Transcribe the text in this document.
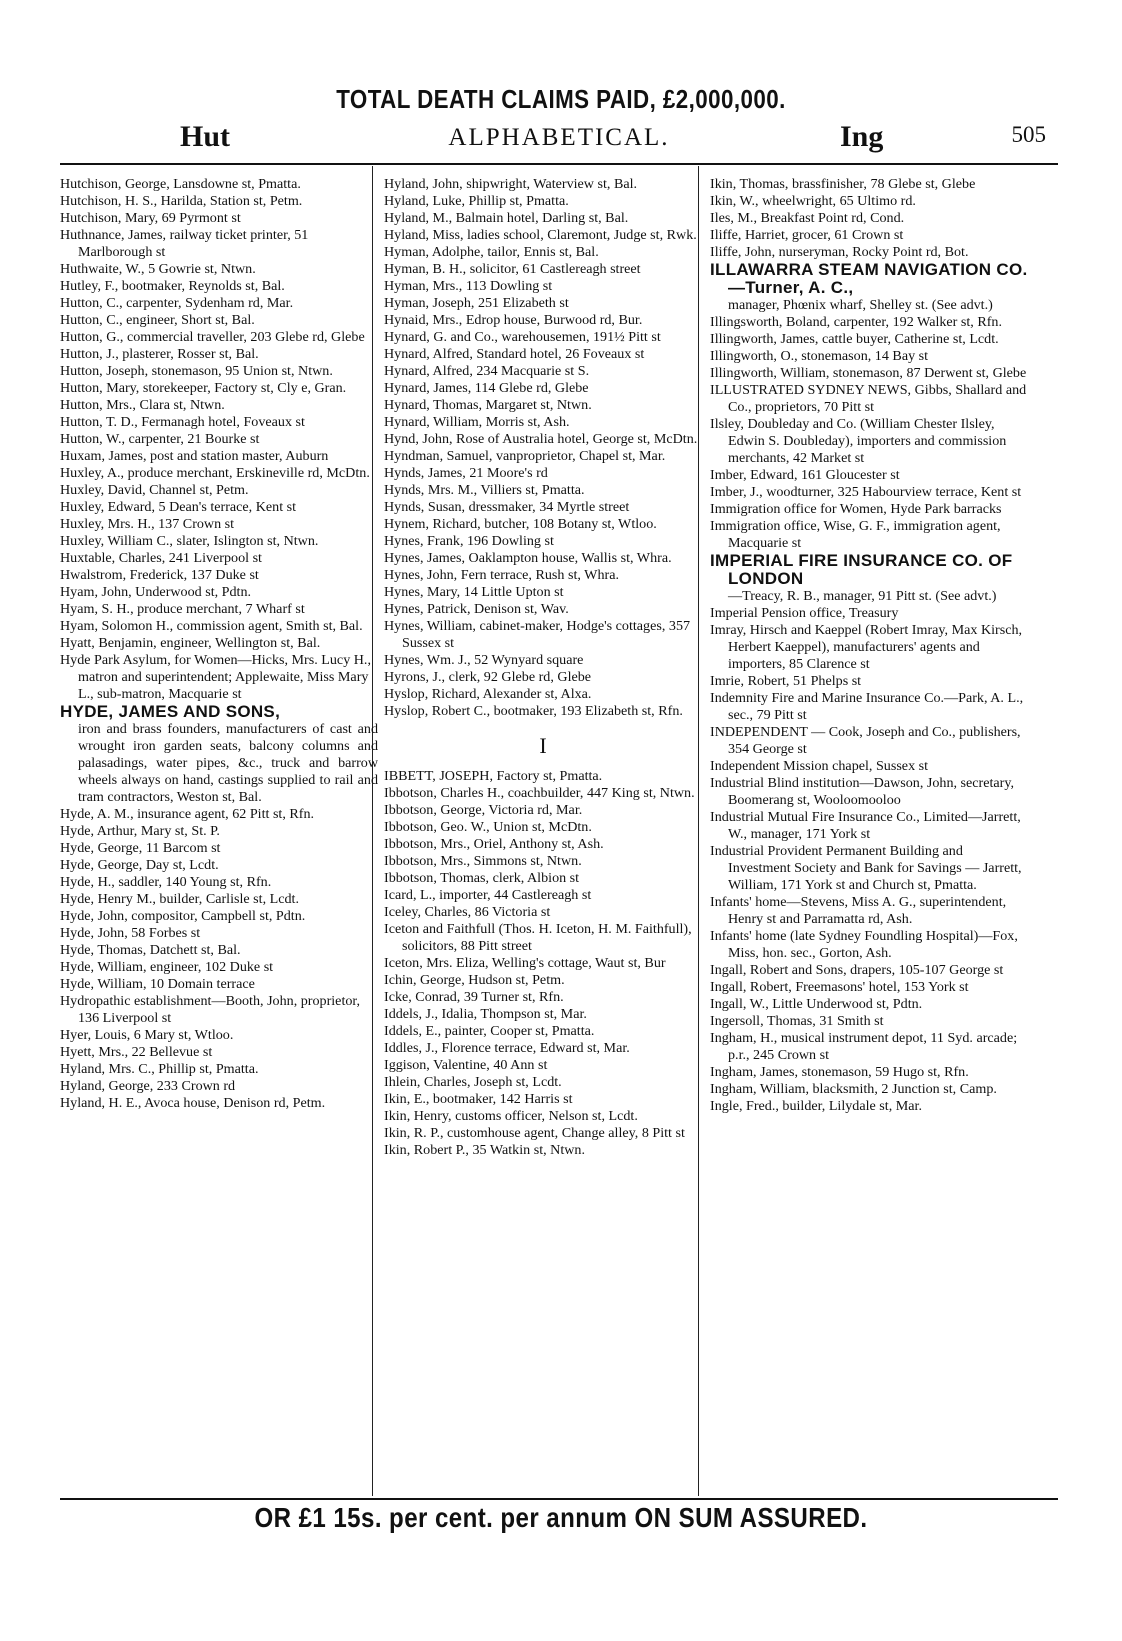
TOTAL DEATH CLAIMS PAID, £2,000,000.
Hut	ALPHABETICAL.	Ing	505
Hutchison, George, Lansdowne st, Pmatta.
Hutchison, H. S., Harilda, Station st, Petm.
Hutchison, Mary, 69 Pyrmont st
Huthnance, James, railway ticket printer, 51 Marlborough st
Huthwaite, W., 5 Gowrie st, Ntwn.
Hutley, F., bootmaker, Reynolds st, Bal.
Hutton, C., carpenter, Sydenham rd, Mar.
Hutton, C., engineer, Short st, Bal.
Hutton, G., commercial traveller, 203 Glebe rd, Glebe
Hutton, J., plasterer, Rosser st, Bal.
Hutton, Joseph, stonemason, 95 Union st, Ntwn.
Hutton, Mary, storekeeper, Factory st, Cly e, Gran.
Hutton, Mrs., Clara st, Ntwn.
Hutton, T. D., Fermanagh hotel, Foveaux st
Hutton, W., carpenter, 21 Bourke st
Huxam, James, post and station master, Auburn
Huxley, A., produce merchant, Erskineville rd, McDtn.
Huxley, David, Channel st, Petm.
Huxley, Edward, 5 Dean's terrace, Kent st
Huxley, Mrs. H., 137 Crown st
Huxley, William C., slater, Islington st, Ntwn.
Huxtable, Charles, 241 Liverpool st
Hwalstrom, Frederick, 137 Duke st
Hyam, John, Underwood st, Pdtn.
Hyam, S. H., produce merchant, 7 Wharf st
Hyam, Solomon H., commission agent, Smith st, Bal.
Hyatt, Benjamin, engineer, Wellington st, Bal.
Hyde Park Asylum, for Women—Hicks, Mrs. Lucy H., matron and superintendent; Applewaite, Miss Mary L., sub-matron, Macquarie st
HYDE, JAMES AND SONS,
iron and brass founders, manufacturers of cast and wrought iron garden seats, balcony columns and palasadings, water pipes, &c., truck and barrow wheels always on hand, castings supplied to rail and tram contractors, Weston st, Bal.
Hyde, A. M., insurance agent, 62 Pitt st, Rfn.
Hyde, Arthur, Mary st, St. P.
Hyde, George, 11 Barcom st
Hyde, George, Day st, Lcdt.
Hyde, H., saddler, 140 Young st, Rfn.
Hyde, Henry M., builder, Carlisle st, Lcdt.
Hyde, John, compositor, Campbell st, Pdtn.
Hyde, John, 58 Forbes st
Hyde, Thomas, Datchett st, Bal.
Hyde, William, engineer, 102 Duke st
Hyde, William, 10 Domain terrace
Hydropathic establishment—Booth, John, proprietor, 136 Liverpool st
Hyer, Louis, 6 Mary st, Wtloo.
Hyett, Mrs., 22 Bellevue st
Hyland, Mrs. C., Phillip st, Pmatta.
Hyland, George, 233 Crown rd
Hyland, H. E., Avoca house, Denison rd, Petm.
Hyland, John, shipwright, Waterview st, Bal.
Hyland, Luke, Phillip st, Pmatta.
Hyland, M., Balmain hotel, Darling st, Bal.
Hyland, Miss, ladies school, Claremont, Judge st, Rwk.
Hyman, Adolphe, tailor, Ennis st, Bal.
Hyman, B. H., solicitor, 61 Castlereagh street
Hyman, Mrs., 113 Dowling st
Hyman, Joseph, 251 Elizabeth st
Hynaid, Mrs., Edrop house, Burwood rd, Bur.
Hynard, G. and Co., warehousemen, 191½ Pitt st
Hynard, Alfred, Standard hotel, 26 Foveaux st
Hynard, Alfred, 234 Macquarie st S.
Hynard, James, 114 Glebe rd, Glebe
Hynard, Thomas, Margaret st, Ntwn.
Hynard, William, Morris st, Ash.
Hynd, John, Rose of Australia hotel, George st, McDtn.
Hyndman, Samuel, vanproprietor, Chapel st, Mar.
Hynds, James, 21 Moore's rd
Hynds, Mrs. M., Villiers st, Pmatta.
Hynds, Susan, dressmaker, 34 Myrtle street
Hynem, Richard, butcher, 108 Botany st, Wtloo.
Hynes, Frank, 196 Dowling st
Hynes, James, Oaklampton house, Wallis st, Whra.
Hynes, John, Fern terrace, Rush st, Whra.
Hynes, Mary, 14 Little Upton st
Hynes, Patrick, Denison st, Wav.
Hynes, William, cabinet-maker, Hodge's cottages, 357 Sussex st
Hynes, Wm. J., 52 Wynyard square
Hyrons, J., clerk, 92 Glebe rd, Glebe
Hyslop, Richard, Alexander st, Alxa.
Hyslop, Robert C., bootmaker, 193 Elizabeth st, Rfn.
I
IBBETT, JOSEPH, Factory st, Pmatta.
Ibbotson, Charles H., coachbuilder, 447 King st, Ntwn.
Ibbotson, George, Victoria rd, Mar.
Ibbotson, Geo. W., Union st, McDtn.
Ibbotson, Mrs., Oriel, Anthony st, Ash.
Ibbotson, Mrs., Simmons st, Ntwn.
Ibbotson, Thomas, clerk, Albion st
Icard, L., importer, 44 Castlereagh st
Iceley, Charles, 86 Victoria st
Iceton and Faithfull (Thos. H. Iceton, H. M. Faithfull), solicitors, 88 Pitt street
Iceton, Mrs. Eliza, Welling's cottage, Waut st, Bur
Ichin, George, Hudson st, Petm.
Icke, Conrad, 39 Turner st, Rfn.
Iddels, J., Idalia, Thompson st, Mar.
Iddels, E., painter, Cooper st, Pmatta.
Iddles, J., Florence terrace, Edward st, Mar.
Iggison, Valentine, 40 Ann st
Ihlein, Charles, Joseph st, Lcdt.
Ikin, E., bootmaker, 142 Harris st
Ikin, Henry, customs officer, Nelson st, Lcdt.
Ikin, R. P., customhouse agent, Change alley, 8 Pitt st
Ikin, Robert P., 35 Watkin st, Ntwn.
Ikin, Thomas, brassfinisher, 78 Glebe st, Glebe
Ikin, W., wheelwright, 65 Ultimo rd.
Iles, M., Breakfast Point rd, Cond.
Iliffe, Harriet, grocer, 61 Crown st
Iliffe, John, nurseryman, Rocky Point rd, Bot.
ILLAWARRA STEAM NAVIGATION CO.—Turner, A. C.,
manager, Phœnix wharf, Shelley st. (See advt.)
Illingsworth, Boland, carpenter, 192 Walker st, Rfn.
Illingworth, James, cattle buyer, Catherine st, Lcdt.
Illingworth, O., stonemason, 14 Bay st
Illingworth, William, stonemason, 87 Derwent st, Glebe
ILLUSTRATED SYDNEY NEWS, Gibbs, Shallard and Co., proprietors, 70 Pitt st
Ilsley, Doubleday and Co. (William Chester Ilsley, Edwin S. Doubleday), importers and commission merchants, 42 Market st
Imber, Edward, 161 Gloucester st
Imber, J., woodturner, 325 Habourview terrace, Kent st
Immigration office for Women, Hyde Park barracks
Immigration office, Wise, G. F., immigration agent, Macquarie st
IMPERIAL FIRE INSURANCE CO. OF LONDON
—Treacy, R. B., manager, 91 Pitt st. (See advt.)
Imperial Pension office, Treasury
Imray, Hirsch and Kaeppel (Robert Imray, Max Kirsch, Herbert Kaeppel), manufacturers' agents and importers, 85 Clarence st
Imrie, Robert, 51 Phelps st
Indemnity Fire and Marine Insurance Co.—Park, A. L., sec., 79 Pitt st
INDEPENDENT — Cook, Joseph and Co., publishers, 354 George st
Independent Mission chapel, Sussex st
Industrial Blind institution—Dawson, John, secretary, Boomerang st, Wooloomooloo
Industrial Mutual Fire Insurance Co., Limited—Jarrett, W., manager, 171 York st
Industrial Provident Permanent Building and Investment Society and Bank for Savings — Jarrett, William, 171 York st and Church st, Pmatta.
Infants' home—Stevens, Miss A. G., superintendent, Henry st and Parramatta rd, Ash.
Infants' home (late Sydney Foundling Hospital)—Fox, Miss, hon. sec., Gorton, Ash.
Ingall, Robert and Sons, drapers, 105-107 George st
Ingall, Robert, Freemasons' hotel, 153 York st
Ingall, W., Little Underwood st, Pdtn.
Ingersoll, Thomas, 31 Smith st
Ingham, H., musical instrument depot, 11 Syd. arcade; p.r., 245 Crown st
Ingham, James, stonemason, 59 Hugo st, Rfn.
Ingham, William, blacksmith, 2 Junction st, Camp.
Ingle, Fred., builder, Lilydale st, Mar.
OR £1 15s. per cent. per annum ON SUM ASSURED.
